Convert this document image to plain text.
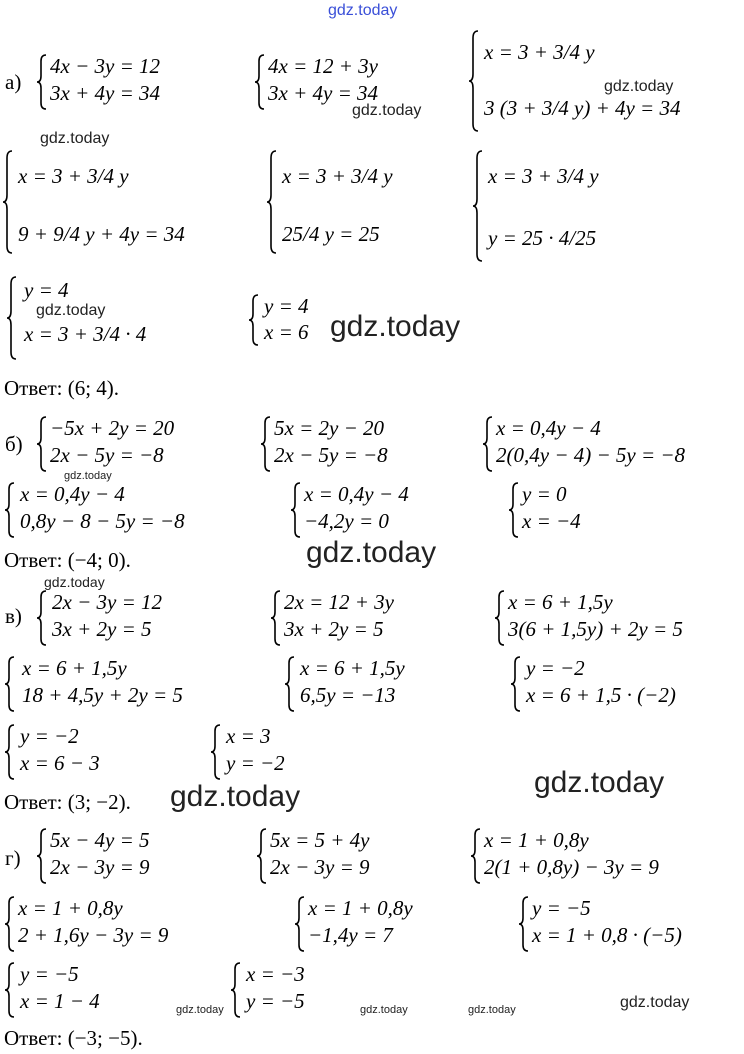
gdz.today
а)
4x − 3y = 12
3x + 4y = 34
4x = 12 + 3y
3x + 4y = 34
x = 3 + 3/4 y
3 (3 + 3/4 y) + 4y = 34
gdz.today
gdz.today
gdz.today
x = 3 + 3/4 y
9 + 9/4 y + 4y = 34
x = 3 + 3/4 y
25/4 y = 25
x = 3 + 3/4 y
y = 25 · 4/25
y = 4
x = 3 + 3/4 · 4
gdz.today	y = 4
x = 6 gdz.today
Ответ: (6; 4).
б)
−5x + 2y = 20
2x − 5y = −8
5x = 2y − 20
2x − 5y = −8
x = 0,4y − 4
2(0,4y − 4) − 5y = −8
gdz.today
x = 0,4y − 4
0,8y − 8 − 5y = −8
x = 0,4y − 4
−4,2y = 0
y = 0
x = −4
Ответ: (−4; 0).	gdz.today
gdz.today
в)
2x − 3y = 12
3x + 2y = 5
2x = 12 + 3y
3x + 2y = 5
x = 6 + 1,5y
3(6 + 1,5y) + 2y = 5
x = 6 + 1,5y
18 + 4,5y + 2y = 5
x = 6 + 1,5y
6,5y = −13
y = −2
x = 6 + 1,5 · (−2)
y = −2
x = 6 − 3
x = 3
y = −2
gdz.today
Ответ: (3; −2). gdz.today
г)
5x − 4y = 5
2x − 3y = 9
5x = 5 + 4y
2x − 3y = 9
x = 1 + 0,8y
2(1 + 0,8y) − 3y = 9
x = 1 + 0,8y
2 + 1,6y − 3y = 9
x = 1 + 0,8y
−1,4y = 7
y = −5
x = 1 + 0,8 · (−5)
y = −5
x = 1 − 4
x = −3
y = −5
gdz.today	gdz.today	gdz.today	gdz.today
Ответ: (−3; −5).
